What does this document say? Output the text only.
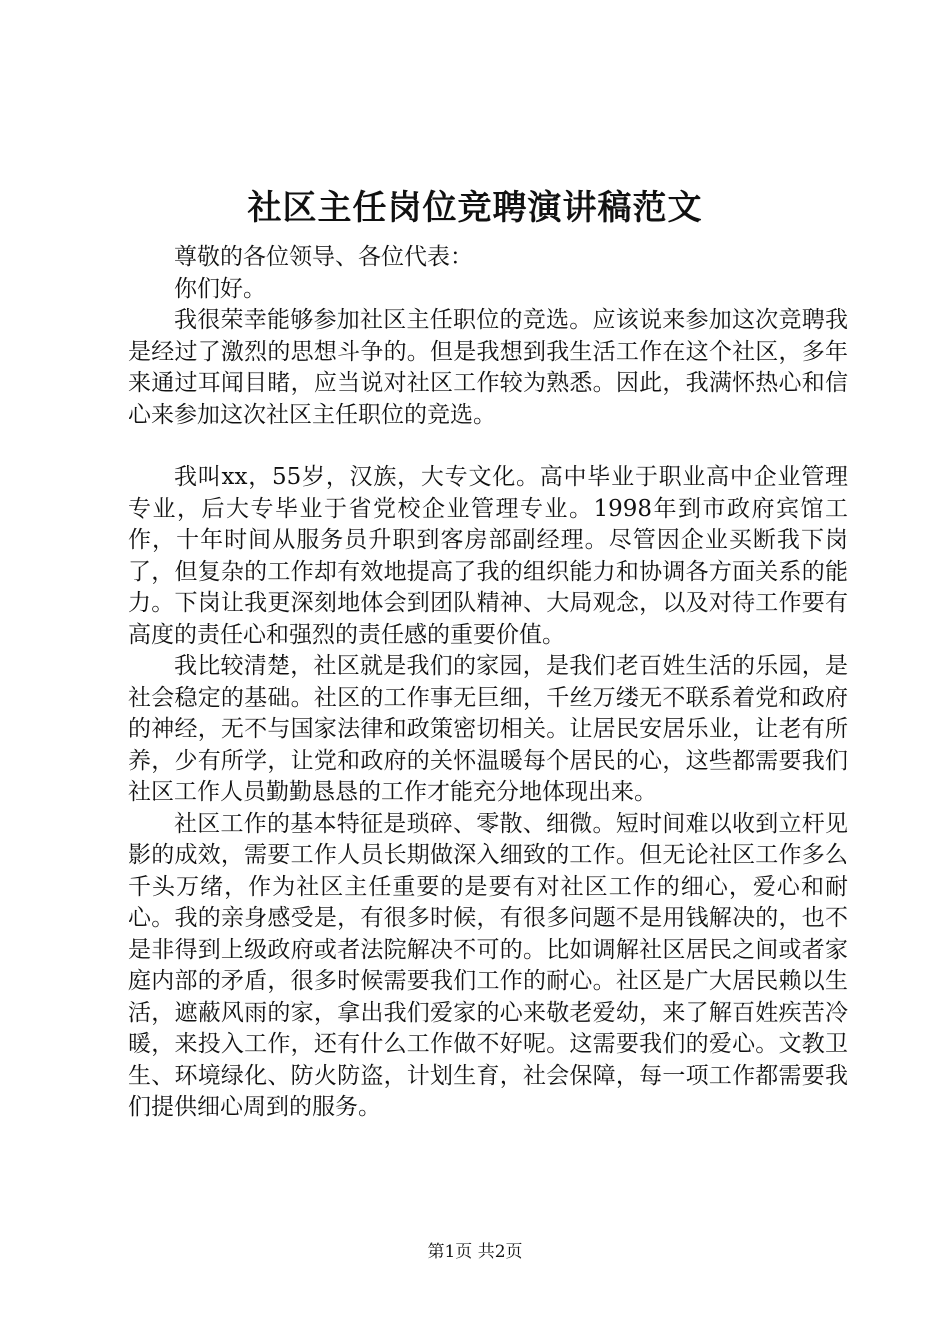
社区主任岗位竞聘演讲稿范文

尊敬的各位领导、各位代表：

你们好。

我很荣幸能够参加社区主任职位的竞选。应该说来参加这次竞聘我是经过了激烈的思想斗争的。但是我想到我生活工作在这个社区，多年来通过耳闻目睹，应当说对社区工作较为熟悉。因此，我满怀热心和信心来参加这次社区主任职位的竞选。

我叫xx，55岁，汉族，大专文化。高中毕业于职业高中企业管理专业，后大专毕业于省党校企业管理专业。1998年到市政府宾馆工作，十年时间从服务员升职到客房部副经理。尽管因企业买断我下岗了，但复杂的工作却有效地提高了我的组织能力和协调各方面关系的能力。下岗让我更深刻地体会到团队精神、大局观念，以及对待工作要有高度的责任心和强烈的责任感的重要价值。

我比较清楚，社区就是我们的家园，是我们老百姓生活的乐园，是社会稳定的基础。社区的工作事无巨细，千丝万缕无不联系着党和政府的神经，无不与国家法律和政策密切相关。让居民安居乐业，让老有所养，少有所学，让党和政府的关怀温暖每个居民的心，这些都需要我们社区工作人员勤勤恳恳的工作才能充分地体现出来。

社区工作的基本特征是琐碎、零散、细微。短时间难以收到立杆见影的成效，需要工作人员长期做深入细致的工作。但无论社区工作多么千头万绪，作为社区主任重要的是要有对社区工作的细心，爱心和耐心。我的亲身感受是，有很多时候，有很多问题不是用钱解决的，也不是非得到上级政府或者法院解决不可的。比如调解社区居民之间或者家庭内部的矛盾，很多时候需要我们工作的耐心。社区是广大居民赖以生活，遮蔽风雨的家，拿出我们爱家的心来敬老爱幼，来了解百姓疾苦冷暖，来投入工作，还有什么工作做不好呢。这需要我们的爱心。文教卫生、环境绿化、防火防盗，计划生育，社会保障，每一项工作都需要我们提供细心周到的服务。

第1页 共2页
